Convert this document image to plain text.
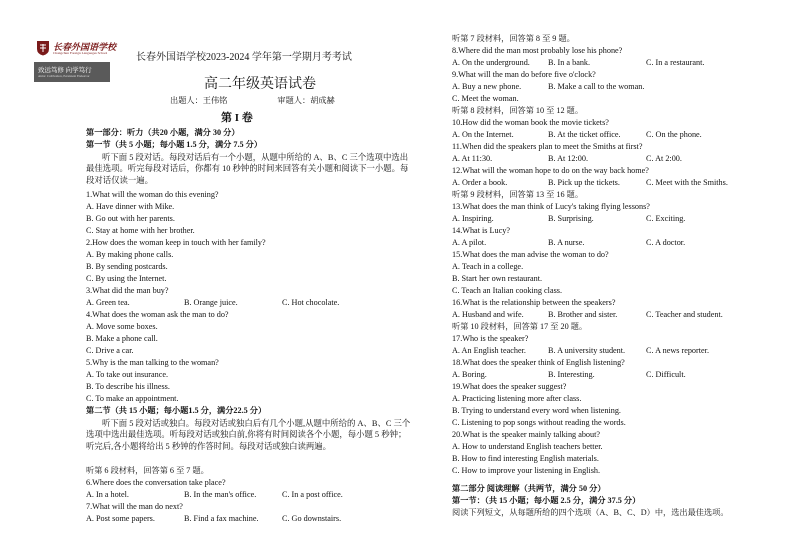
长春外国语学校
Changchun Foreign Languages School
致远笃修 向学笃行
Aims: Cultivation, Persistent Endeavor
长春外国语学校2023-2024 学年第一学期月考考试
高二年级英语试卷
出题人：王伟铭	审题人：胡成赫
第 I 卷
第一部分：听力（共20 小题，满分 30 分）
第一节（共 5 小题；每小题 1.5 分，满分 7.5 分）
听下面 5 段对话。每段对话后有一个小题，从题中所给的 A、B、C 三个选项中选出最佳选项。听完每段对话后，你都有 10 秒钟的时间来回答有关小题和阅读下一小题。每段对话仅读一遍。
1.What will the woman do this evening?
A. Have dinner with Mike.
B. Go out with her parents.
C. Stay at home with her brother.
2.How does the woman keep in touch with her family?
A. By making phone calls.
B. By sending postcards.
C. By using the Internet.
3.What did the man buy?
A. Green tea.	B. Orange juice.	C. Hot chocolate.
4.What does the woman ask the man to do?
A. Move some boxes.
B. Make a phone call.
C. Drive a car.
5.Why is the man talking to the woman?
A. To take out insurance.
B. To describe his illness.
C. To make an appointment.
第二节（共 15 小题；每小题1.5 分，满分22.5 分）
听下面 5 段对话或独白。每段对话或独白后有几个小题,从题中所给的 A、B、C 三个选项中选出最佳选项。听每段对话或独白前,你将有时间阅读各个小题，每小题 5 秒钟；听完后,各小题将给出 5 秒钟的作答时间。每段对话或独白读两遍。
听第 6 段材料，回答第 6 至 7 题。
6.Where does the conversation take place?
A. In a hotel.	B. In the man's office.	C. In a post office.
7.What will the man do next?
A. Post some papers.	B. Find a fax machine.	C. Go downstairs.
听第 7 段材料，回答第 8 至 9 题。
8.Where did the man most probably lose his phone?
A. On the underground. B. In a bank.	C. In a restaurant.
9.What will the man do before five o'clock?
A. Buy a new phone.	B. Make a call to the woman.
C. Meet the woman.
听第 8 段材料，回答第 10 至 12 题。
10.How did the woman book the movie tickets?
A. On the Internet.	B. At the ticket office.	C. On the phone.
11.When did the speakers plan to meet the Smiths at first?
A. At 11:30.	B. At 12:00.	C. At 2:00.
12.What will the woman hope to do on the way back home?
A. Order a book.	B. Pick up the tickets.	C. Meet with the Smiths.
听第 9 段材料，回答第 13 至 16 题。
13.What does the man think of Lucy's taking flying lessons?
A. Inspiring.	B. Surprising.	C. Exciting.
14.What is Lucy?
A. A pilot.	B. A nurse.	C. A doctor.
15.What does the man advise the woman to do?
A. Teach in a college.
B. Start her own restaurant.
C. Teach an Italian cooking class.
16.What is the relationship between the speakers?
A. Husband and wife.	B. Brother and sister.	C. Teacher and student.
听第 10 段材料，回答第 17 至 20 题。
17.Who is the speaker?
A. An English teacher.	B. A university student.	C. A news reporter.
18.What does the speaker think of English listening?
A. Boring.	B. Interesting.	C. Difficult.
19.What does the speaker suggest?
A. Practicing listening more after class.
B. Trying to understand every word when listening.
C. Listening to pop songs without reading the words.
20.What is the speaker mainly talking about?
A. How to understand English teachers better.
B. How to find interesting English materials.
C. How to improve your listening in English.
第二部分 阅读理解（共两节，满分 50 分）
第一节：（共 15 小题；每小题 2.5 分，满分 37.5 分）
阅读下列短文，从每题所给的四个选项（A、B、C、D）中，选出最佳选项。
